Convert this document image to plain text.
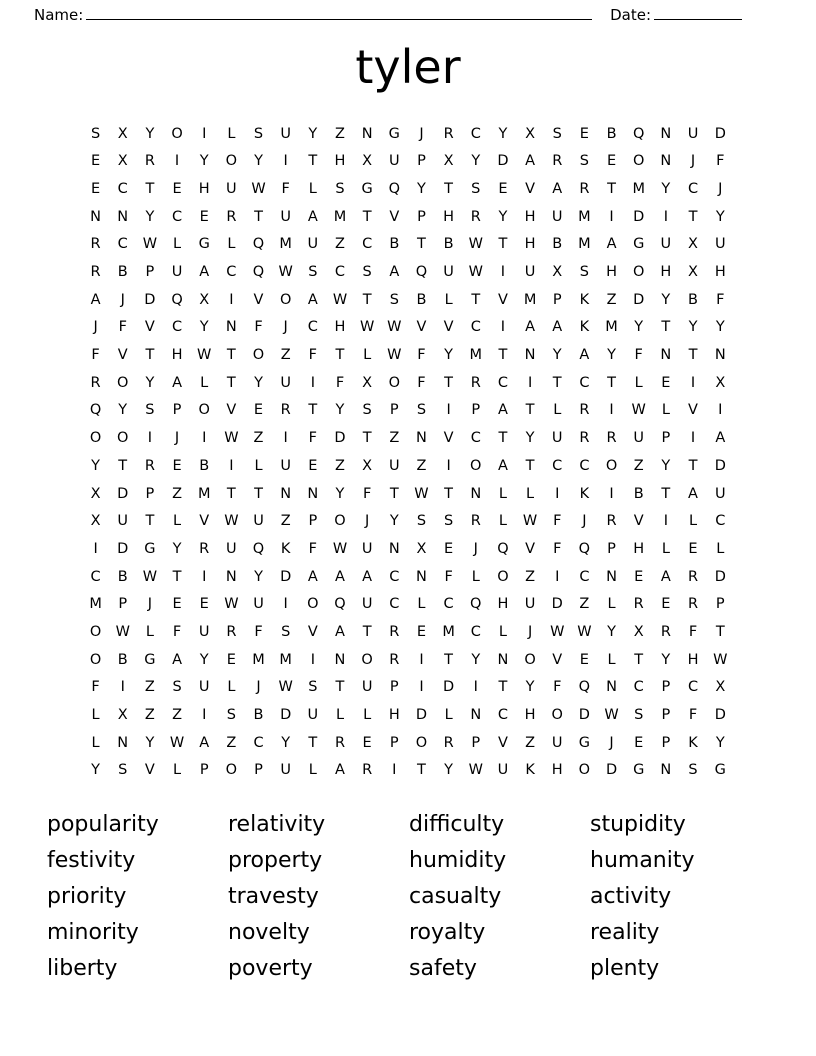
Name:	Date:
tyler
S	X	Y	O	I	L	S	U	Y	Z	N	G	J	R	C	Y	X	S	E	B	Q	N	U	D
E	X	R	I	Y	O	Y	I	T	H	X	U	P	X	Y	D	A	R	S	E	O	N	J	F
E	C	T	E	H	U	W	F	L	S	G	Q	Y	T	S	E	V	A	R	T	M	Y	C	J
N	N	Y	C	E	R	T	U	A	M	T	V	P	H	R	Y	H	U	M	I	D	I	T	Y
R	C	W	L	G	L	Q	M	U	Z	C	B	T	B	W	T	H	B	M	A	G	U	X	U
R	B	P	U	A	C	Q	W	S	C	S	A	Q	U	W	I	U	X	S	H	O	H	X	H
A	J	D	Q	X	I	V	O	A	W	T	S	B	L	T	V	M	P	K	Z	D	Y	B	F
J	F	V	C	Y	N	F	J	C	H	W	W	V	V	C	I	A	A	K	M	Y	T	Y	Y
F	V	T	H	W	T	O	Z	F	T	L	W	F	Y	M	T	N	Y	A	Y	F	N	T	N
R	O	Y	A	L	T	Y	U	I	F	X	O	F	T	R	C	I	T	C	T	L	E	I	X
Q	Y	S	P	O	V	E	R	T	Y	S	P	S	I	P	A	T	L	R	I	W	L	V	I
O	O	I	J	I	W	Z	I	F	D	T	Z	N	V	C	T	Y	U	R	R	U	P	I	A
Y	T	R	E	B	I	L	U	E	Z	X	U	Z	I	O	A	T	C	C	O	Z	Y	T	D
X	D	P	Z	M	T	T	N	N	Y	F	T	W	T	N	L	L	I	K	I	B	T	A	U
X	U	T	L	V	W	U	Z	P	O	J	Y	S	S	R	L	W	F	J	R	V	I	L	C
I	D	G	Y	R	U	Q	K	F	W	U	N	X	E	J	Q	V	F	Q	P	H	L	E	L
C	B	W	T	I	N	Y	D	A	A	A	C	N	F	L	O	Z	I	C	N	E	A	R	D
M	P	J	E	E	W	U	I	O	Q	U	C	L	C	Q	H	U	D	Z	L	R	E	R	P
O	W	L	F	U	R	F	S	V	A	T	R	E	M	C	L	J	W	W	Y	X	R	F	T
O	B	G	A	Y	E	M	M	I	N	O	R	I	T	Y	N	O	V	E	L	T	Y	H	W
F	I	Z	S	U	L	J	W	S	T	U	P	I	D	I	T	Y	F	Q	N	C	P	C	X
L	X	Z	Z	I	S	B	D	U	L	L	H	D	L	N	C	H	O	D	W	S	P	F	D
L	N	Y	W	A	Z	C	Y	T	R	E	P	O	R	P	V	Z	U	G	J	E	P	K	Y
Y	S	V	L	P	O	P	U	L	A	R	I	T	Y	W	U	K	H	O	D	G	N	S	G
popularity	relativity	difficulty	stupidity
festivity	property	humidity	humanity
priority	travesty	casualty	activity
minority	novelty	royalty	reality
liberty	poverty	safety	plenty
